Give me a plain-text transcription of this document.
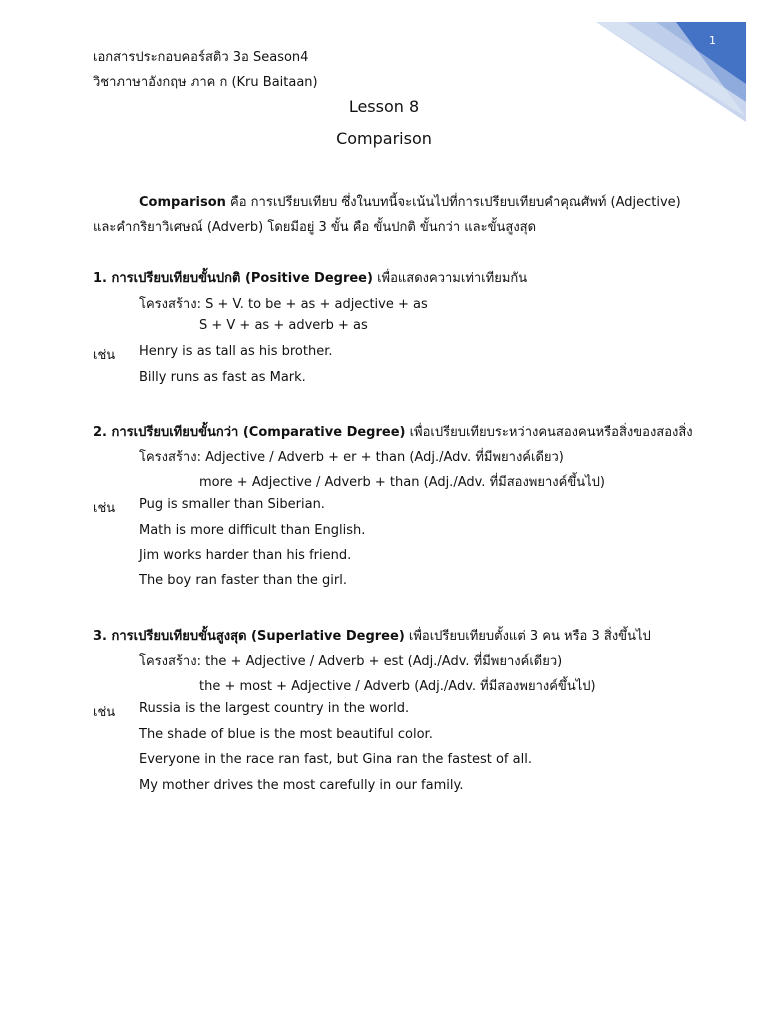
1
เอกสารประกอบคอร์สติว 3อ Season4
วิชาภาษาอังกฤษ ภาค ก (Kru Baitaan)
Lesson 8
Comparison
Comparison คือ การเปรียบเทียบ ซึ่งในบทนี้จะเน้นไปที่การเปรียบเทียบคำคุณศัพท์ (Adjective)
และคำกริยาวิเศษณ์ (Adverb) โดยมีอยู่ 3 ขั้น คือ ขั้นปกติ ขั้นกว่า และขั้นสูงสุด
1. การเปรียบเทียบขั้นปกติ (Positive Degree) เพื่อแสดงความเท่าเทียมกัน
โครงสร้าง: S + V. to be + as + adjective + as
S + V + as + adverb + as
เช่น Henry is as tall as his brother.
Billy runs as fast as Mark.
2. การเปรียบเทียบขั้นกว่า (Comparative Degree) เพื่อเปรียบเทียบระหว่างคนสองคนหรือสิ่งของสองสิ่ง
โครงสร้าง: Adjective / Adverb + er + than (Adj./Adv. ที่มีพยางค์เดียว)
more + Adjective / Adverb + than (Adj./Adv. ที่มีสองพยางค์ขึ้นไป)
เช่น Pug is smaller than Siberian.
Math is more difficult than English.
Jim works harder than his friend.
The boy ran faster than the girl.
3. การเปรียบเทียบขั้นสูงสุด (Superlative Degree) เพื่อเปรียบเทียบตั้งแต่ 3 คน หรือ 3 สิ่งขึ้นไป
โครงสร้าง: the + Adjective / Adverb + est (Adj./Adv. ที่มีพยางค์เดียว)
the + most + Adjective / Adverb (Adj./Adv. ที่มีสองพยางค์ขึ้นไป)
เช่น Russia is the largest country in the world.
The shade of blue is the most beautiful color.
Everyone in the race ran fast, but Gina ran the fastest of all.
My mother drives the most carefully in our family.
